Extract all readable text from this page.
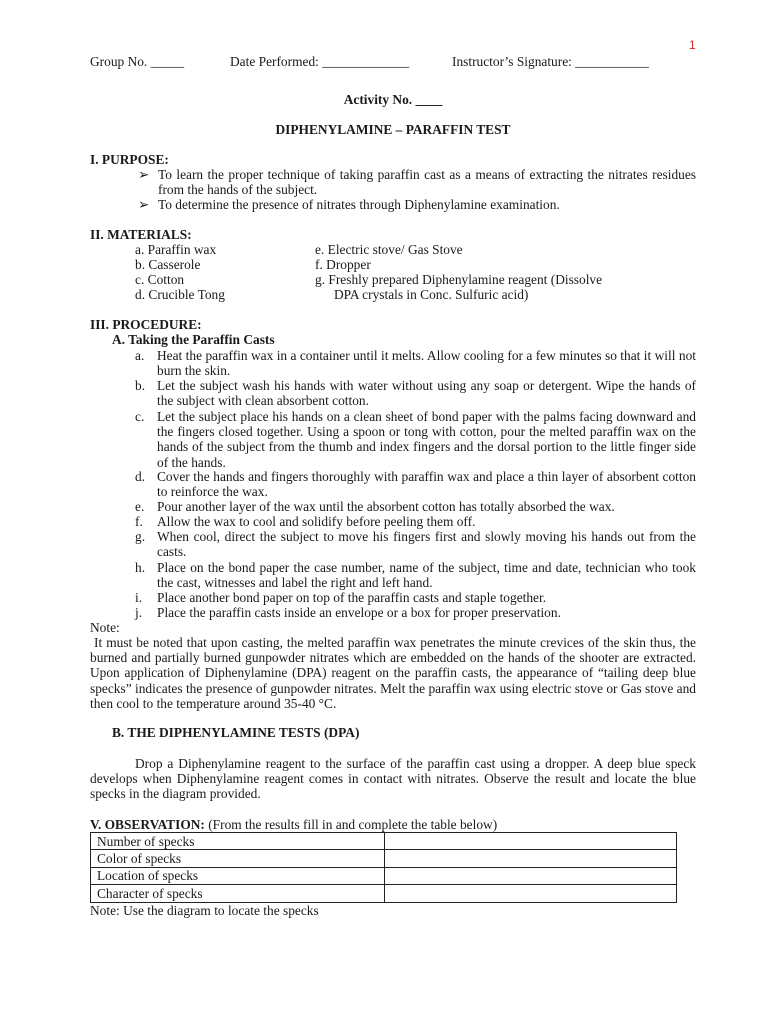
1
Group No. _____	Date Performed: _____________	Instructor’s Signature: ___________
Activity No. ____
DIPHENYLAMINE – PARAFFIN TEST
I. PURPOSE:
➢ To learn the proper technique of taking paraffin cast as a means of extracting the nitrates residues from the hands of the subject.
➢ To determine the presence of nitrates through Diphenylamine examination.
II. MATERIALS:
a. Paraffin wax
b. Casserole
c. Cotton
d. Crucible Tong
e. Electric stove/ Gas Stove
f. Dropper
g. Freshly prepared Diphenylamine reagent (Dissolve
DPA crystals in Conc. Sulfuric acid)
III. PROCEDURE:
A. Taking the Paraffin Casts
a. Heat the paraffin wax in a container until it melts. Allow cooling for a few minutes so that it will not burn the skin.
b. Let the subject wash his hands with water without using any soap or detergent. Wipe the hands of the subject with clean absorbent cotton.
c. Let the subject place his hands on a clean sheet of bond paper with the palms facing downward and the fingers closed together. Using a spoon or tong with cotton, pour the melted paraffin wax on the hands of the subject from the thumb and index fingers and the dorsal portion to the little finger side of the hands.
d. Cover the hands and fingers thoroughly with paraffin wax and place a thin layer of absorbent cotton to reinforce the wax.
e. Pour another layer of the wax until the absorbent cotton has totally absorbed the wax.
f. Allow the wax to cool and solidify before peeling them off.
g. When cool, direct the subject to move his fingers first and slowly moving his hands out from the casts.
h. Place on the bond paper the case number, name of the subject, time and date, technician who took the cast, witnesses and label the right and left hand.
i. Place another bond paper on top of the paraffin casts and staple together.
j. Place the paraffin casts inside an envelope or a box for proper preservation.
Note:
It must be noted that upon casting, the melted paraffin wax penetrates the minute crevices of the skin thus, the burned and partially burned gunpowder nitrates which are embedded on the hands of the shooter are extracted. Upon application of Diphenylamine (DPA) reagent on the paraffin casts, the appearance of “tailing deep blue specks” indicates the presence of gunpowder nitrates. Melt the paraffin wax using electric stove or Gas stove and then cool to the temperature around 35-40 °C.
B. THE DIPHENYLAMINE TESTS (DPA)
Drop a Diphenylamine reagent to the surface of the paraffin cast using a dropper. A deep blue speck develops when Diphenylamine reagent comes in contact with nitrates. Observe the result and locate the blue specks in the diagram provided.
V. OBSERVATION: (From the results fill in and complete the table below)
Number of specks	
Color of specks	
Location of specks	
Character of specks	
Note: Use the diagram to locate the specks
